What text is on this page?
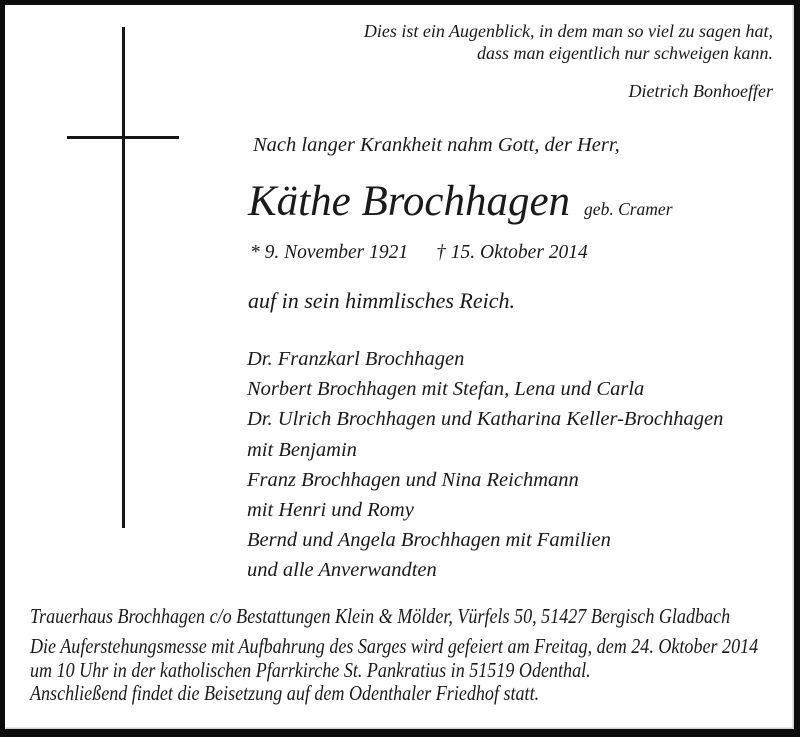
Dies ist ein Augenblick, in dem man so viel zu sagen hat,
dass man eigentlich nur schweigen kann.
Dietrich Bonhoeffer
Nach langer Krankheit nahm Gott, der Herr,
Käthe Brochhagen geb. Cramer
* 9. November 1921 † 15. Oktober 2014
auf in sein himmlisches Reich.
Dr. Franzkarl Brochhagen
Norbert Brochhagen mit Stefan, Lena und Carla
Dr. Ulrich Brochhagen und Katharina Keller-Brochhagen
mit Benjamin
Franz Brochhagen und Nina Reichmann
mit Henri und Romy
Bernd und Angela Brochhagen mit Familien
und alle Anverwandten
Trauerhaus Brochhagen c/o Bestattungen Klein & Mölder, Vürfels 50, 51427 Bergisch Gladbach
Die Auferstehungsmesse mit Aufbahrung des Sarges wird gefeiert am Freitag, dem 24. Oktober 2014
um 10 Uhr in der katholischen Pfarrkirche St. Pankratius in 51519 Odenthal.
Anschließend findet die Beisetzung auf dem Odenthaler Friedhof statt.
